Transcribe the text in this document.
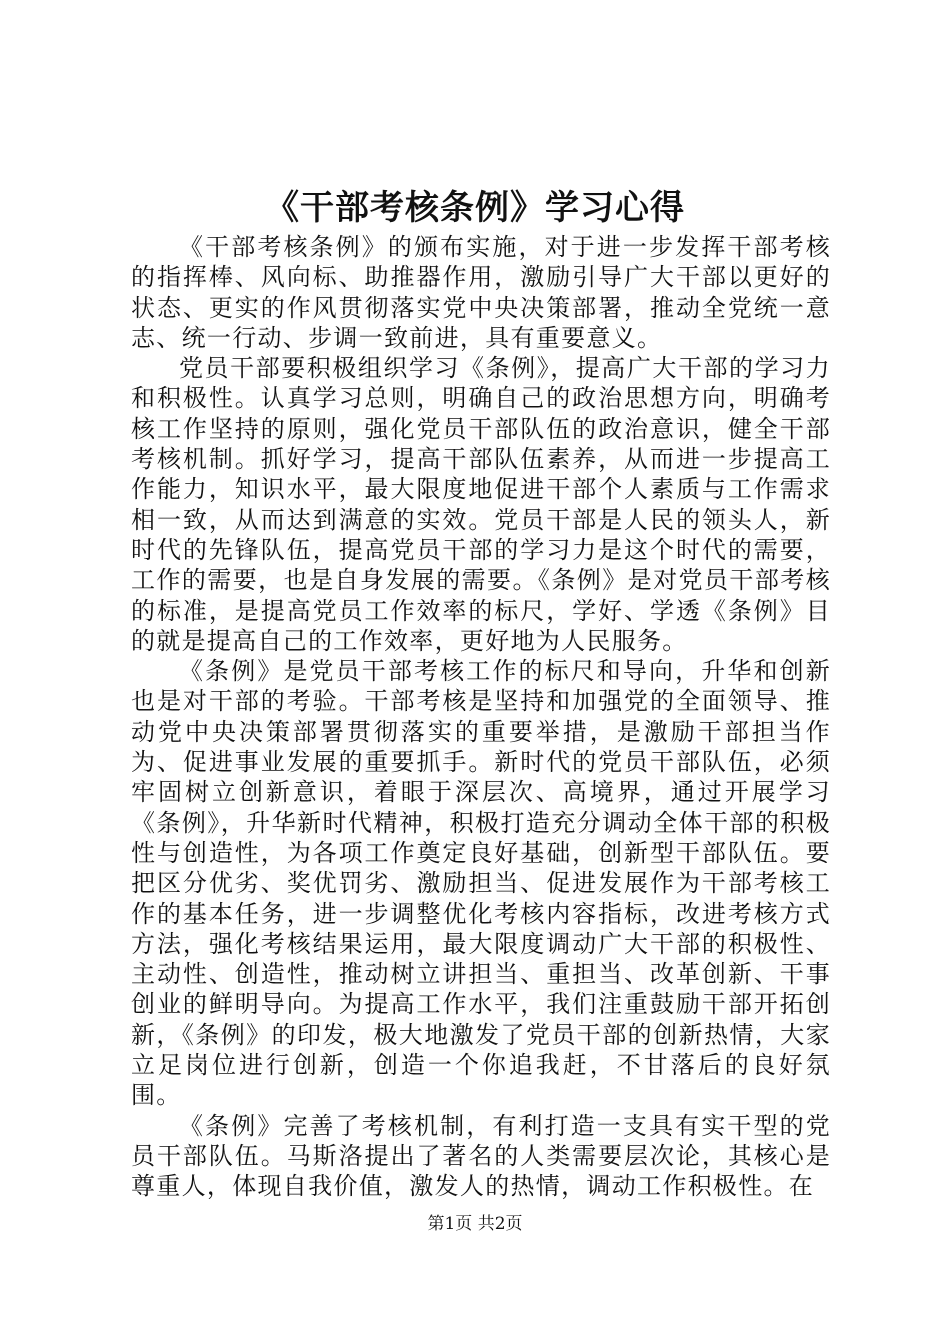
《干部考核条例》学习心得

《干部考核条例》的颁布实施，对于进一步发挥干部考核的指挥棒、风向标、助推器作用，激励引导广大干部以更好的状态、更实的作风贯彻落实党中央决策部署，推动全党统一意志、统一行动、步调一致前进，具有重要意义。

党员干部要积极组织学习《条例》，提高广大干部的学习力和积极性。认真学习总则，明确自己的政治思想方向，明确考核工作坚持的原则，强化党员干部队伍的政治意识，健全干部考核机制。抓好学习，提高干部队伍素养，从而进一步提高工作能力，知识水平，最大限度地促进干部个人素质与工作需求相一致，从而达到满意的实效。党员干部是人民的领头人，新时代的先锋队伍，提高党员干部的学习力是这个时代的需要，工作的需要，也是自身发展的需要。《条例》是对党员干部考核的标准，是提高党员工作效率的标尺，学好、学透《条例》目的就是提高自己的工作效率，更好地为人民服务。

《条例》是党员干部考核工作的标尺和导向，升华和创新也是对干部的考验。干部考核是坚持和加强党的全面领导、推动党中央决策部署贯彻落实的重要举措，是激励干部担当作为、促进事业发展的重要抓手。新时代的党员干部队伍，必须牢固树立创新意识，着眼于深层次、高境界，通过开展学习《条例》，升华新时代精神，积极打造充分调动全体干部的积极性与创造性，为各项工作奠定良好基础，创新型干部队伍。要把区分优劣、奖优罚劣、激励担当、促进发展作为干部考核工作的基本任务，进一步调整优化考核内容指标，改进考核方式方法，强化考核结果运用，最大限度调动广大干部的积极性、主动性、创造性，推动树立讲担当、重担当、改革创新、干事创业的鲜明导向。为提高工作水平，我们注重鼓励干部开拓创新，《条例》的印发，极大地激发了党员干部的创新热情，大家立足岗位进行创新，创造一个你追我赶，不甘落后的良好氛围。

《条例》完善了考核机制，有利打造一支具有实干型的党员干部队伍。马斯洛提出了著名的人类需要层次论，其核心是尊重人，体现自我价值，激发人的热情，调动工作积极性。在

第1页 共2页
